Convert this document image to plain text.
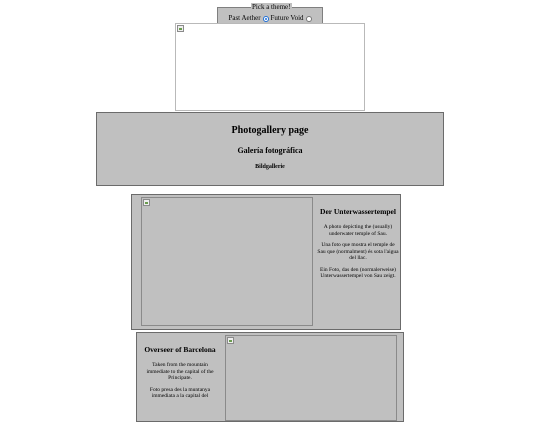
Past Aether Future Void
Pick a theme!
Photogallery page
Galería fotográfica
Bildgallerie

Der Unterwassertempel

A photo depicting the (usually) underwater temple of Sau.

Una foto que mostra el temple de Sau que (normalment) és sota l'aigua del llac.

Ein Foto, das den (normalerweise) Unterwassertempel von Sau zeigt.

Overseer of Barcelona

Taken from the mountain immediate to the capital of the Principate.

Foto presa des la muntanya immediata a la capital del
